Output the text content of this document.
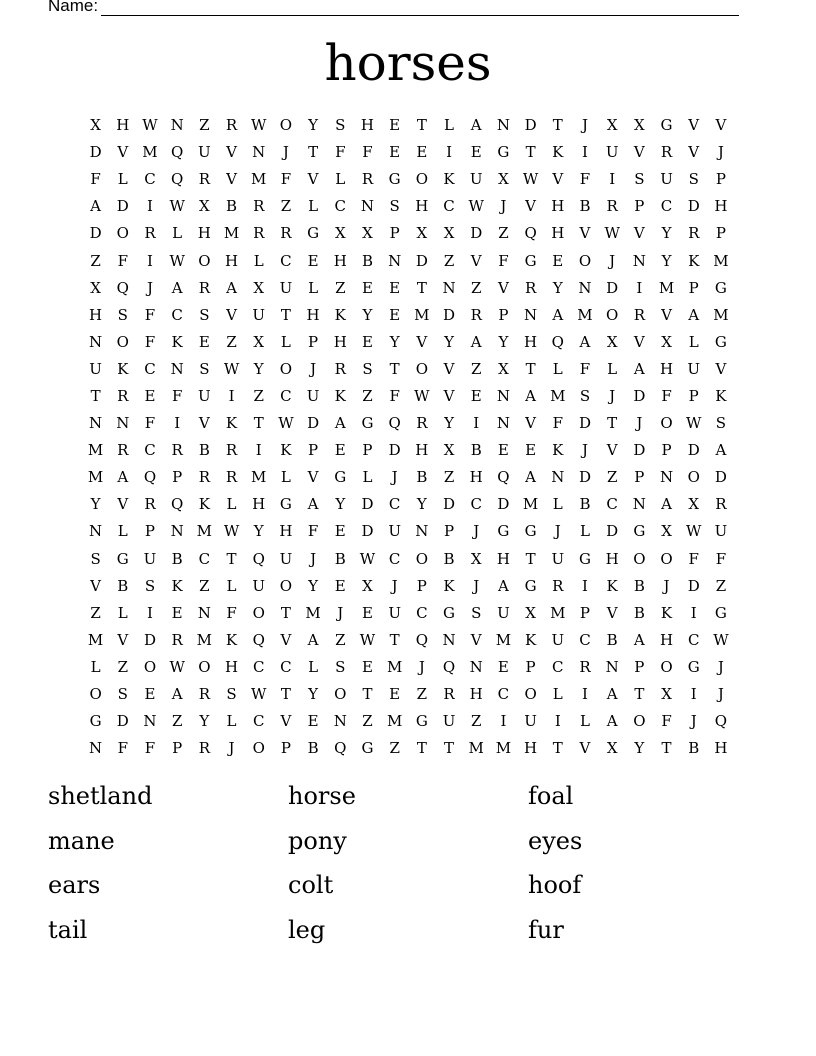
Name:
horses
X	H	W	N	Z	R	W	O	Y	S	H	E	T	L	A	N	D	T	J	X	X	G	V	V
D	V	M	Q	U	V	N	J	T	F	F	E	E	I	E	G	T	K	I	U	V	R	V	J
F	L	C	Q	R	V	M	F	V	L	R	G	O	K	U	X	W	V	F	I	S	U	S	P
A	D	I	W	X	B	R	Z	L	C	N	S	H	C	W	J	V	H	B	R	P	C	D	H
D	O	R	L	H	M	R	R	G	X	X	P	X	X	D	Z	Q	H	V	W	V	Y	R	P
Z	F	I	W	O	H	L	C	E	H	B	N	D	Z	V	F	G	E	O	J	N	Y	K	M
X	Q	J	A	R	A	X	U	L	Z	E	E	T	N	Z	V	R	Y	N	D	I	M	P	G
H	S	F	C	S	V	U	T	H	K	Y	E	M	D	R	P	N	A	M	O	R	V	A	M
N	O	F	K	E	Z	X	L	P	H	E	Y	V	Y	A	Y	H	Q	A	X	V	X	L	G
U	K	C	N	S	W	Y	O	J	R	S	T	O	V	Z	X	T	L	F	L	A	H	U	V
T	R	E	F	U	I	Z	C	U	K	Z	F	W	V	E	N	A	M	S	J	D	F	P	K
N	N	F	I	V	K	T	W	D	A	G	Q	R	Y	I	N	V	F	D	T	J	O	W	S
M	R	C	R	B	R	I	K	P	E	P	D	H	X	B	E	E	K	J	V	D	P	D	A
M	A	Q	P	R	R	M	L	V	G	L	J	B	Z	H	Q	A	N	D	Z	P	N	O	D
Y	V	R	Q	K	L	H	G	A	Y	D	C	Y	D	C	D	M	L	B	C	N	A	X	R
N	L	P	N	M	W	Y	H	F	E	D	U	N	P	J	G	G	J	L	D	G	X	W	U
S	G	U	B	C	T	Q	U	J	B	W	C	O	B	X	H	T	U	G	H	O	O	F	F
V	B	S	K	Z	L	U	O	Y	E	X	J	P	K	J	A	G	R	I	K	B	J	D	Z
Z	L	I	E	N	F	O	T	M	J	E	U	C	G	S	U	X	M	P	V	B	K	I	G
M	V	D	R	M	K	Q	V	A	Z	W	T	Q	N	V	M	K	U	C	B	A	H	C	W
L	Z	O	W	O	H	C	C	L	S	E	M	J	Q	N	E	P	C	R	N	P	O	G	J
O	S	E	A	R	S	W	T	Y	O	T	E	Z	R	H	C	O	L	I	A	T	X	I	J
G	D	N	Z	Y	L	C	V	E	N	Z	M	G	U	Z	I	U	I	L	A	O	F	J	Q
N	F	F	P	R	J	O	P	B	Q	G	Z	T	T	M	M	H	T	V	X	Y	T	B	H
shetland	horse	foal
mane	pony	eyes
ears	colt	hoof
tail	leg	fur
